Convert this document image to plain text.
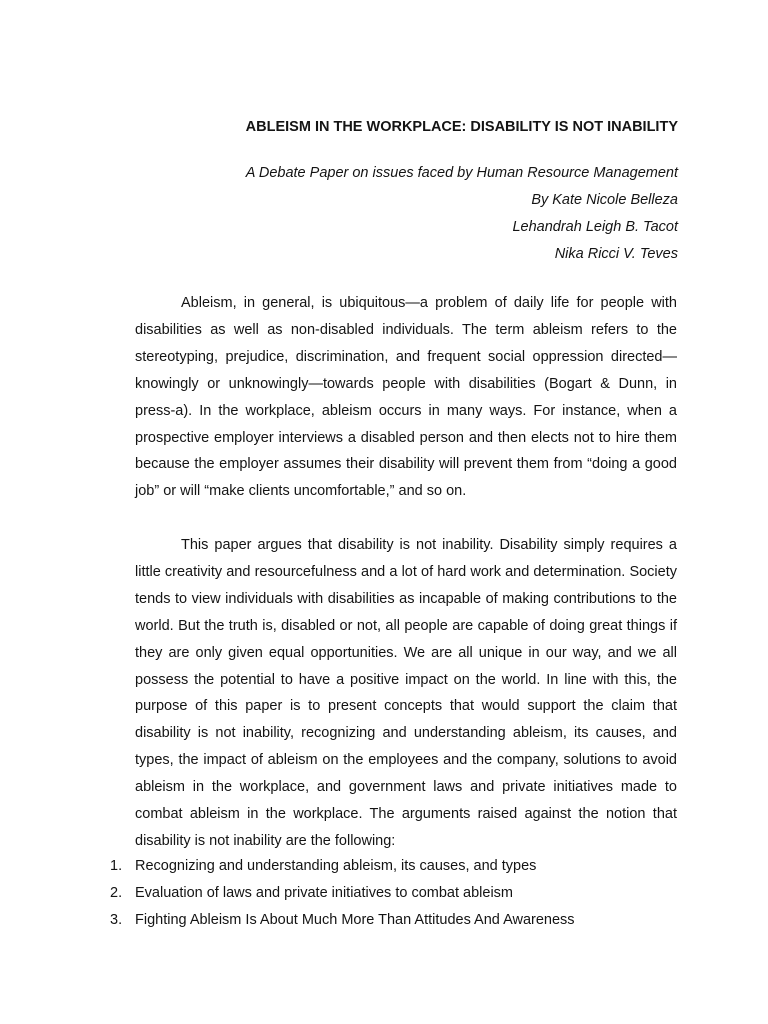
ABLEISM IN THE WORKPLACE: DISABILITY IS NOT INABILITY
A Debate Paper on issues faced by Human Resource Management
By Kate Nicole Belleza
Lehandrah Leigh B. Tacot
Nika Ricci V. Teves

Ableism, in general, is ubiquitous—a problem of daily life for people with disabilities as well as non-disabled individuals. The term ableism refers to the stereotyping, prejudice, discrimination, and frequent social oppression directed—knowingly or unknowingly—towards people with disabilities (Bogart & Dunn, in press-a). In the workplace, ableism occurs in many ways. For instance, when a prospective employer interviews a disabled person and then elects not to hire them because the employer assumes their disability will prevent them from “doing a good job” or will “make clients uncomfortable,” and so on.

This paper argues that disability is not inability. Disability simply requires a little creativity and resourcefulness and a lot of hard work and determination. Society tends to view individuals with disabilities as incapable of making contributions to the world. But the truth is, disabled or not, all people are capable of doing great things if they are only given equal opportunities. We are all unique in our way, and we all possess the potential to have a positive impact on the world. In line with this, the purpose of this paper is to present concepts that would support the claim that disability is not inability, recognizing and understanding ableism, its causes, and types, the impact of ableism on the employees and the company, solutions to avoid ableism in the workplace, and government laws and private initiatives made to combat ableism in the workplace. The arguments raised against the notion that disability is not inability are the following:

1. Recognizing and understanding ableism, its causes, and types
2. Evaluation of laws and private initiatives to combat ableism
3. Fighting Ableism Is About Much More Than Attitudes And Awareness
